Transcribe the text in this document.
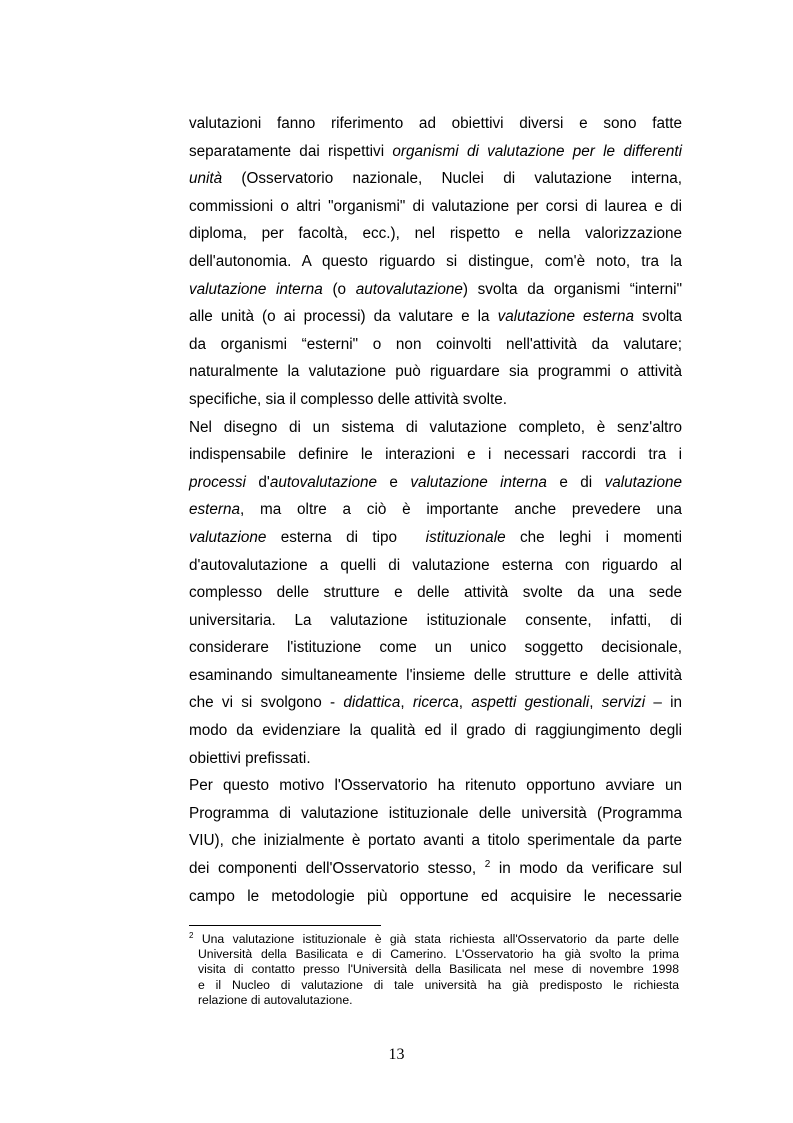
valutazioni fanno riferimento ad obiettivi diversi e sono fatte
separatamente dai rispettivi organismi di valutazione per le differenti
unità (Osservatorio nazionale, Nuclei di valutazione interna,
commissioni o altri "organismi" di valutazione per corsi di laurea e di
diploma, per facoltà, ecc.), nel rispetto e nella valorizzazione
dell'autonomia. A questo riguardo si distingue, com'è noto, tra la
valutazione interna (o autovalutazione) svolta da organismi “interni"
alle unità (o ai processi) da valutare e la valutazione esterna svolta
da organismi “esterni" o non coinvolti nell'attività da valutare;
naturalmente la valutazione può riguardare sia programmi o attività
specifiche, sia il complesso delle attività svolte.

Nel disegno di un sistema di valutazione completo, è senz'altro
indispensabile definire le interazioni e i necessari raccordi tra i
processi d'autovalutazione e valutazione interna e di valutazione
esterna, ma oltre a ciò è importante anche prevedere una
valutazione esterna di tipo  istituzionale che leghi i momenti
d'autovalutazione a quelli di valutazione esterna con riguardo al
complesso delle strutture e delle attività svolte da una sede
universitaria. La valutazione istituzionale consente, infatti, di
considerare l'istituzione come un unico soggetto decisionale,
esaminando simultaneamente l'insieme delle strutture e delle attività
che vi si svolgono - didattica, ricerca, aspetti gestionali, servizi – in
modo da evidenziare la qualità ed il grado di raggiungimento degli
obiettivi prefissati.

Per questo motivo l'Osservatorio ha ritenuto opportuno avviare un
Programma di valutazione istituzionale delle università (Programma
VIU), che inizialmente è portato avanti a titolo sperimentale da parte
dei componenti dell'Osservatorio stesso, $^2$ in modo da verificare sul
campo le metodologie più opportune ed acquisire le necessarie

$^2$ Una valutazione istituzionale è già stata richiesta all'Osservatorio da parte delle
Università della Basilicata e di Camerino. L'Osservatorio ha già svolto la prima
visita di contatto presso l'Università della Basilicata nel mese di novembre 1998
e il Nucleo di valutazione di tale università ha già predisposto le richiesta
relazione di autovalutazione.
13
